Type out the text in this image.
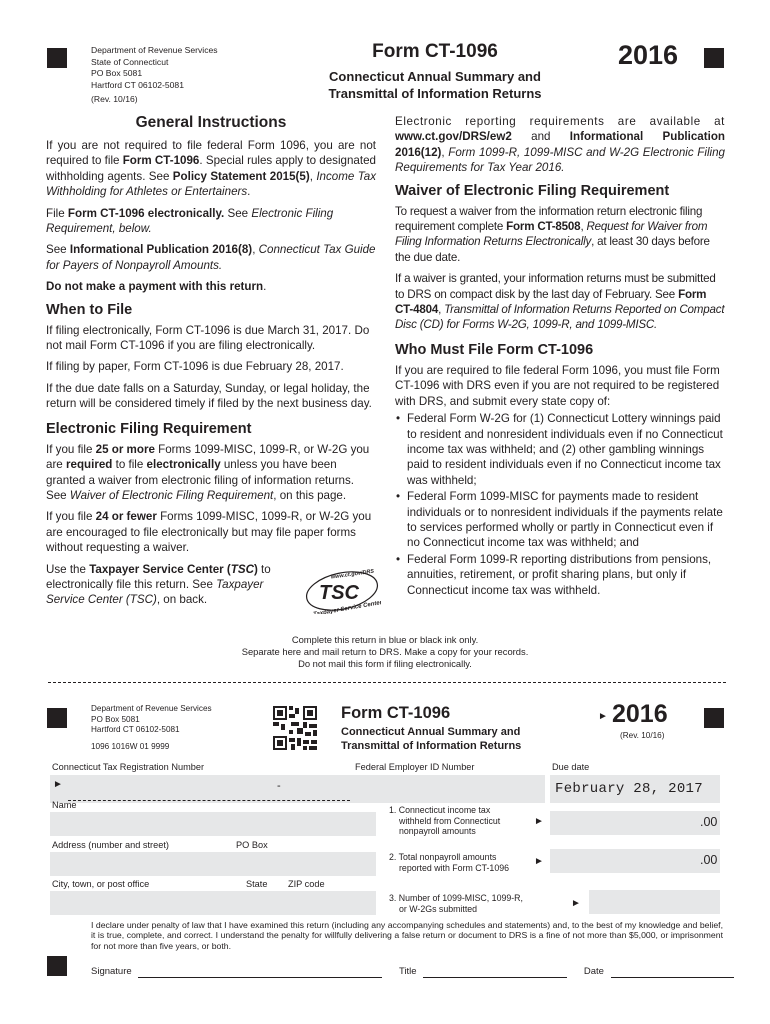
Department of Revenue Services
State of Connecticut
PO Box 5081
Hartford CT 06102-5081
(Rev. 10/16)
Form CT-1096
Connecticut Annual Summary and
Transmittal of Information Returns
2016
General Instructions

If you are not required to file federal Form 1096, you are not required to file Form CT-1096. Special rules apply to designated withholding agents. See Policy Statement 2015(5), Income Tax Withholding for Athletes or Entertainers.

File Form CT-1096 electronically. See Electronic Filing Requirement, below.

See Informational Publication 2016(8), Connecticut Tax Guide for Payers of Nonpayroll Amounts.

Do not make a payment with this return.

When to File

If filing electronically, Form CT-1096 is due March 31, 2017. Do not mail Form CT-1096 if you are filing electronically.

If filing by paper, Form CT-1096 is due February 28, 2017.

If the due date falls on a Saturday, Sunday, or legal holiday, the return will be considered timely if filed by the next business day.

Electronic Filing Requirement

If you file 25 or more Forms 1099-MISC, 1099-R, or W-2G you are required to file electronically unless you have been granted a waiver from electronic filing of information returns. See Waiver of Electronic Filing Requirement, on this page.

If you file 24 or fewer Forms 1099-MISC, 1099-R, or W-2G you are encouraged to file electronically but may file paper forms without requesting a waiver.

Use the Taxpayer Service Center (TSC) to electronically file this return. See Taxpayer Service Center (TSC), on back.	TSC
www.ct.gov/DRS
Taxpayer Service Center

Electronic reporting requirements are available at www.ct.gov/DRS/ew2 and Informational Publication 2016(12), Form 1099-R, 1099-MISC and W-2G Electronic Filing Requirements for Tax Year 2016.

Waiver of Electronic Filing Requirement

To request a waiver from the information return electronic filing requirement complete Form CT-8508, Request for Waiver from Filing Information Returns Electronically, at least 30 days before the due date.

If a waiver is granted, your information returns must be submitted to DRS on compact disk by the last day of February. See Form CT-4804, Transmittal of Information Returns Reported on Compact Disc (CD) for Forms W-2G, 1099-R, and 1099-MISC.

Who Must File Form CT-1096

If you are required to file federal Form 1096, you must file Form CT-1096 with DRS even if you are not required to be registered with DRS, and submit every state copy of:

• Federal Form W-2G for (1) Connecticut Lottery winnings paid to resident and nonresident individuals even if no Connecticut income tax was withheld; and (2) other gambling winnings paid to resident individuals even if no Connecticut income tax was withheld;
• Federal Form 1099-MISC for payments made to resident individuals or to nonresident individuals if the payments relate to services performed wholly or partly in Connecticut even if no Connecticut income tax was withheld; and
• Federal Form 1099-R reporting distributions from pensions, annuities, retirement, or profit sharing plans, but only if Connecticut income tax was withheld.
Complete this return in blue or black ink only.
Separate here and mail return to DRS. Make a copy for your records.
Do not mail this form if filing electronically.
Department of Revenue Services
PO Box 5081
Hartford CT 06102-5081
1096 1016W 01 9999
Form CT-1096
Connecticut Annual Summary and
Transmittal of Information Returns
► 2016
(Rev. 10/16)
Connecticut Tax Registration Number	Federal Employer ID Number	Due date
►	-	February 28, 2017
Name
Address (number and street)	PO Box
City, town, or post office	State ZIP code
1. Connecticut income tax
withheld from Connecticut
nonpayroll amounts
►	.00
2. Total nonpayroll amounts
reported with Form CT-1096
►	.00
3. Number of 1099-MISC, 1099-R,
or W-2Gs submitted	►
I declare under penalty of law that I have examined this return (including any accompanying schedules and statements) and, to the best of my knowledge and belief, it is true, complete, and correct. I understand the penalty for willfully delivering a false return or document to DRS is a fine of not more than $5,000, or imprisonment for not more than five years, or both.
Signature	Title	Date
